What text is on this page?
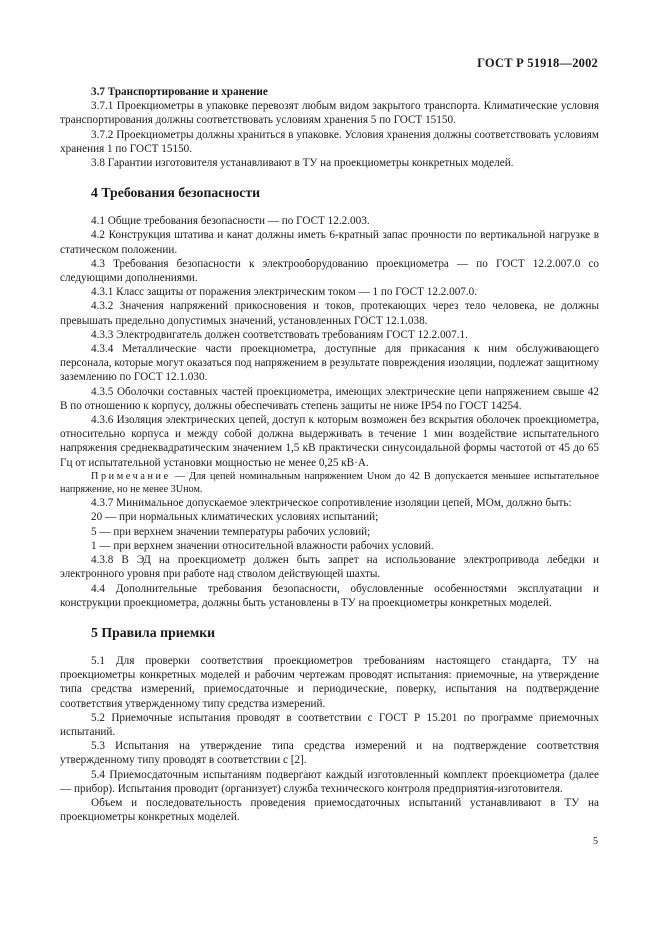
ГОСТ Р 51918—2002
3.7 Транспортирование и хранение

3.7.1 Проекциометры в упаковке перевозят любым видом закрытого транспорта. Климатические условия транспортирования должны соответствовать условиям хранения 5 по ГОСТ 15150.

3.7.2 Проекциометры должны храниться в упаковке. Условия хранения должны соответствовать условиям хранения 1 по ГОСТ 15150.

3.8 Гарантии изготовителя устанавливают в ТУ на проекциометры конкретных моделей.

4 Требования безопасности

4.1 Общие требования безопасности — по ГОСТ 12.2.003.

4.2 Конструкция штатива и канат должны иметь 6-кратный запас прочности по вертикальной нагрузке в статическом положении.

4.3 Требования безопасности к электрооборудованию проекциометра — по ГОСТ 12.2.007.0 со следующими дополнениями.

4.3.1 Класс защиты от поражения электрическим током — 1 по ГОСТ 12.2.007.0.

4.3.2 Значения напряжений прикосновения и токов, протекающих через тело человека, не должны превышать предельно допустимых значений, установленных ГОСТ 12.1.038.

4.3.3 Электродвигатель должен соответствовать требованиям ГОСТ 12.2.007.1.

4.3.4 Металлические части проекциометра, доступные для прикасания к ним обслуживающего персонала, которые могут оказаться под напряжением в результате повреждения изоляции, подлежат защитному заземлению по ГОСТ 12.1.030.

4.3.5 Оболочки составных частей проекциометра, имеющих электрические цепи напряжением свыше 42 В по отношению к корпусу, должны обеспечивать степень защиты не ниже IP54 по ГОСТ 14254.

4.3.6 Изоляция электрических цепей, доступ к которым возможен без вскрытия оболочек проекциометра, относительно корпуса и между собой должна выдерживать в течение 1 мин воздействие испытательного напряжения среднеквадратическим значением 1,5 кВ практически синусоидальной формы частотой от 45 до 65 Гц от испытательной установки мощностью не менее 0,25 кВ·А.

Примечание — Для цепей номинальным напряжением Uном до 42 В допускается меньшее испытательное напряжение, но не менее 3Uном.

4.3.7 Минимальное допускаемое электрическое сопротивление изоляции цепей, МОм, должно быть:

20 — при нормальных климатических условиях испытаний;

5 — при верхнем значении температуры рабочих условий;

1 — при верхнем значении относительной влажности рабочих условий.

4.3.8 В ЭД на проекциометр должен быть запрет на использование электропривода лебедки и электронного уровня при работе над стволом действующей шахты.

4.4 Дополнительные требования безопасности, обусловленные особенностями эксплуатации и конструкции проекциометра, должны быть установлены в ТУ на проекциометры конкретных моделей.

5 Правила приемки

5.1 Для проверки соответствия проекциометров требованиям настоящего стандарта, ТУ на проекциометры конкретных моделей и рабочим чертежам проводят испытания: приемочные, на утверждение типа средства измерений, приемосдаточные и периодические, поверку, испытания на подтверждение соответствия утвержденному типу средства измерений.

5.2 Приемочные испытания проводят в соответствии с ГОСТ Р 15.201 по программе приемочных испытаний.

5.3 Испытания на утверждение типа средства измерений и на подтверждение соответствия утвержденному типу проводят в соответствии с [2].

5.4 Приемосдаточным испытаниям подвергают каждый изготовленный комплект проекциометра (далее — прибор). Испытания проводит (организует) служба технического контроля предприятия-изготовителя.

Объем и последовательность проведения приемосдаточных испытаний устанавливают в ТУ на проекциометры конкретных моделей.

5
